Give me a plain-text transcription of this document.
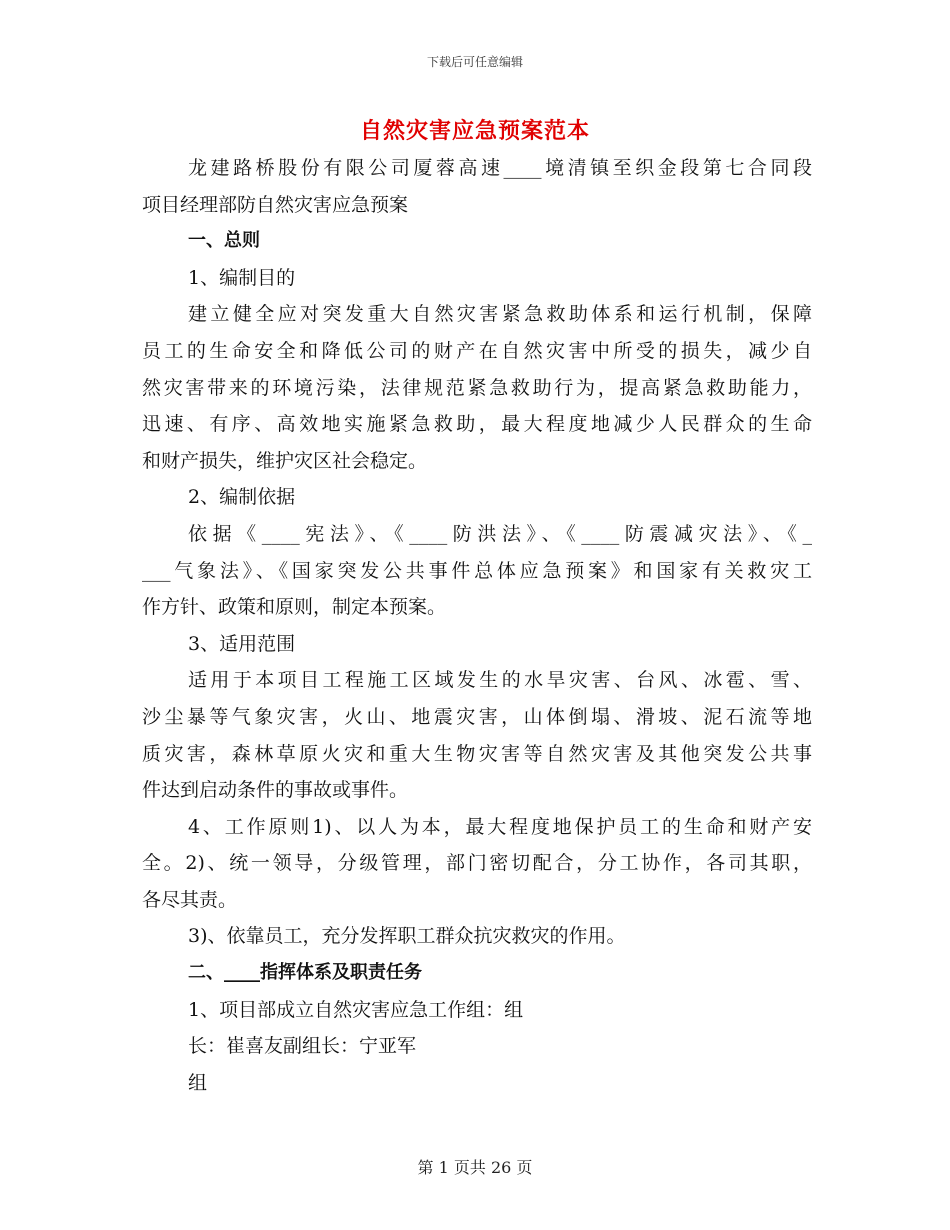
下载后可任意编辑
自然灾害应急预案范本
龙建路桥股份有限公司厦蓉高速____境清镇至织金段第七合同段
项目经理部防自然灾害应急预案
一、总则
1、编制目的
建立健全应对突发重大自然灾害紧急救助体系和运行机制，保障
员工的生命安全和降低公司的财产在自然灾害中所受的损失，减少自
然灾害带来的环境污染，法律规范紧急救助行为，提高紧急救助能力，
迅速、有序、高效地实施紧急救助，最大程度地减少人民群众的生命
和财产损失，维护灾区社会稳定。
2、编制依据
依据《____宪法》、《____防洪法》、《____防震减灾法》、《_
___气象法》、《国家突发公共事件总体应急预案》和国家有关救灾工
作方针、政策和原则，制定本预案。
3、适用范围
适用于本项目工程施工区域发生的水旱灾害、台风、冰雹、雪、
沙尘暴等气象灾害，火山、地震灾害，山体倒塌、滑坡、泥石流等地
质灾害，森林草原火灾和重大生物灾害等自然灾害及其他突发公共事
件达到启动条件的事故或事件。
4、工作原则1)、以人为本，最大程度地保护员工的生命和财产安
全。2)、统一领导，分级管理，部门密切配合，分工协作，各司其职，
各尽其责。
3)、依靠员工，充分发挥职工群众抗灾救灾的作用。
二、____指挥体系及职责任务
1、项目部成立自然灾害应急工作组：组
长：崔喜友副组长：宁亚军
组
第 1 页共 26 页
